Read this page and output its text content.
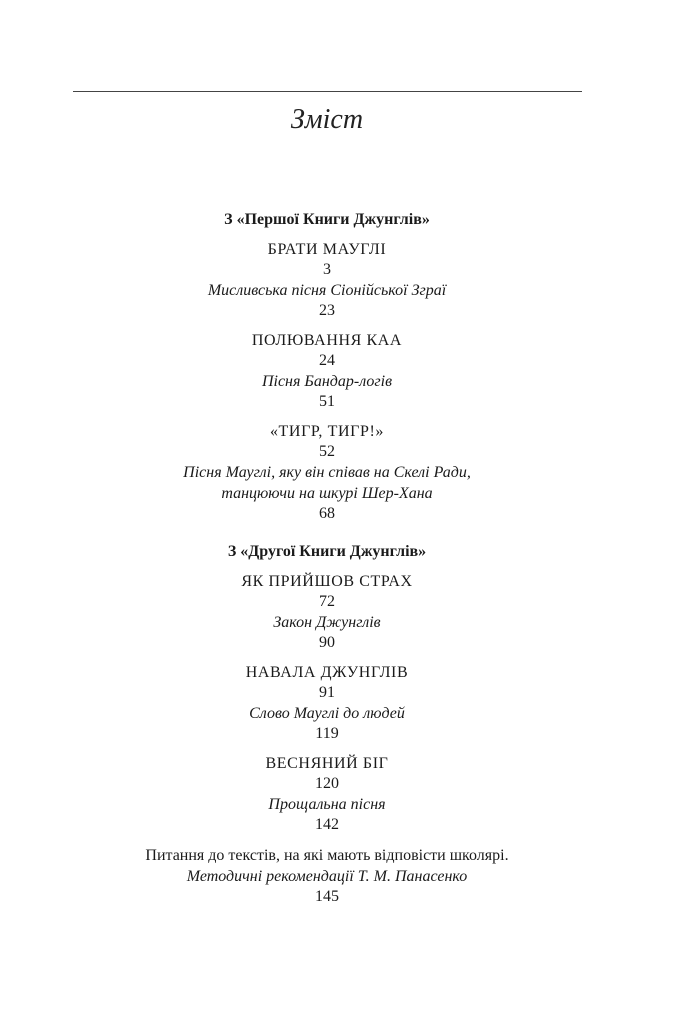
Зміст
З «Першої Книги Джунглів»
БРАТИ МАУГЛІ
3
Мисливська пісня Сіонійської Зграї
23
ПОЛЮВАННЯ КАА
24
Пісня Бандар-логів
51
«ТИГР, ТИГР!»
52
Пісня Мауглі, яку він співав на Скелі Ради,
танцюючи на шкурі Шер-Хана
68
З «Другої Книги Джунглів»
ЯК ПРИЙШОВ СТРАХ
72
Закон Джунглів
90
НАВАЛА ДЖУНГЛІВ
91
Слово Мауглі до людей
119
ВЕСНЯНИЙ БІГ
120
Прощальна пісня
142
Питання до текстів, на які мають відповісти школярі.
Методичні рекомендації Т. М. Панасенко
145
